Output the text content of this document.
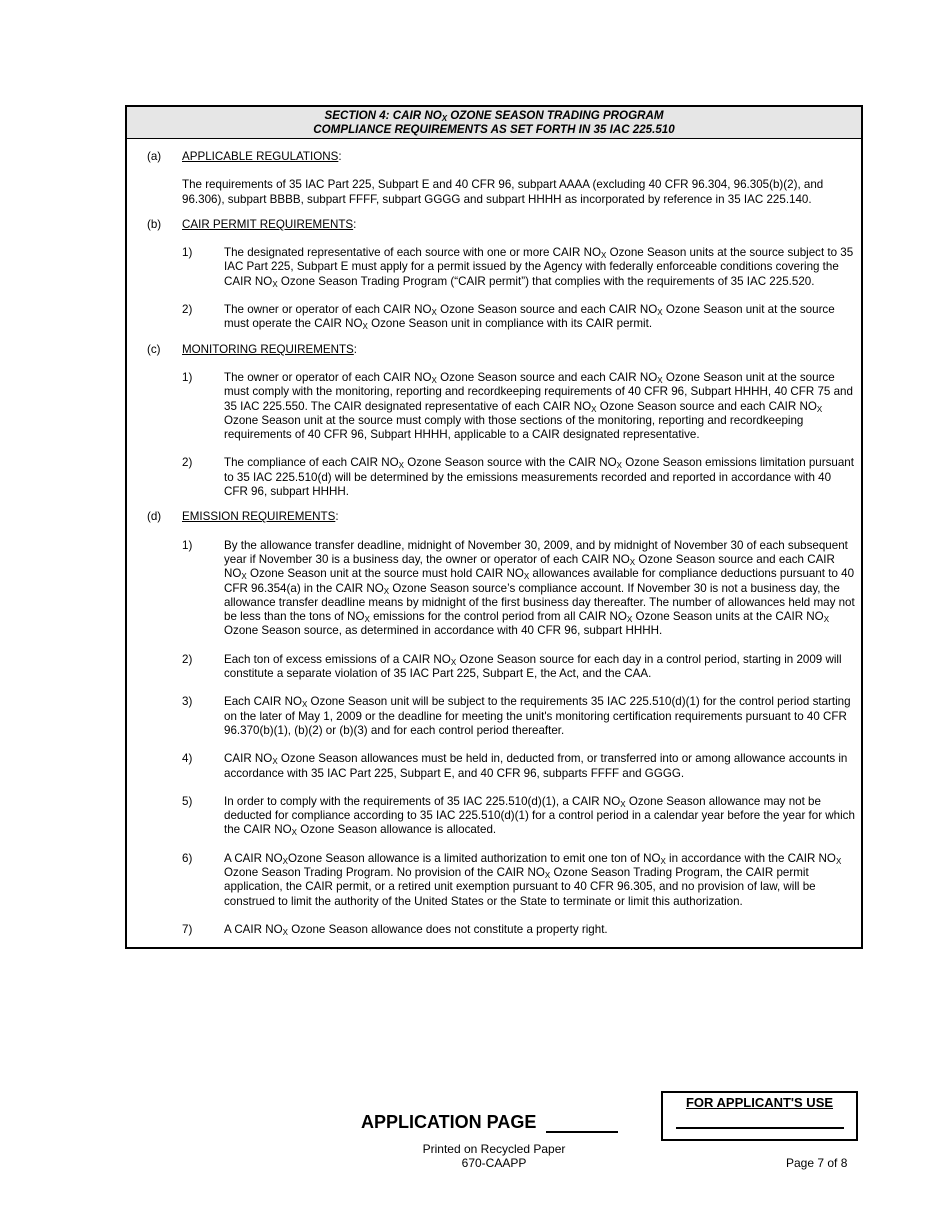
SECTION 4: CAIR $NO_X$ OZONE SEASON TRADING PROGRAM
COMPLIANCE REQUIREMENTS AS SET FORTH IN 35 IAC 225.510
(a) APPLICABLE REGULATIONS:
The requirements of 35 IAC Part 225, Subpart E and 40 CFR 96, subpart AAAA (excluding 40 CFR 96.304, 96.305(b)(2), and 96.306), subpart BBBB, subpart FFFF, subpart GGGG and subpart HHHH as incorporated by reference in 35 IAC 225.140.
(b) CAIR PERMIT REQUIREMENTS:
1)	The designated representative of each source with one or more CAIR $NO_X$ Ozone Season units at the source subject to 35 IAC Part 225, Subpart E must apply for a permit issued by the Agency with federally enforceable conditions covering the CAIR $NO_X$ Ozone Season Trading Program (“CAIR permit”) that complies with the requirements of 35 IAC 225.520.
2)	The owner or operator of each CAIR $NO_X$ Ozone Season source and each CAIR $NO_X$ Ozone Season unit at the source must operate the CAIR $NO_X$ Ozone Season unit in compliance with its CAIR permit.
(c) MONITORING REQUIREMENTS:
1)	The owner or operator of each CAIR $NO_X$ Ozone Season source and each CAIR $NO_X$ Ozone Season unit at the source must comply with the monitoring, reporting and recordkeeping requirements of 40 CFR 96, Subpart HHHH, 40 CFR 75 and 35 IAC 225.550. The CAIR designated representative of each CAIR $NO_X$ Ozone Season source and each CAIR $NO_X$ Ozone Season unit at the source must comply with those sections of the monitoring, reporting and recordkeeping requirements of 40 CFR 96, Subpart HHHH, applicable to a CAIR designated representative.
2)	The compliance of each CAIR $NO_X$ Ozone Season source with the CAIR $NO_X$ Ozone Season emissions limitation pursuant to 35 IAC 225.510(d) will be determined by the emissions measurements recorded and reported in accordance with 40 CFR 96, subpart HHHH.
(d) EMISSION REQUIREMENTS:
1)	By the allowance transfer deadline, midnight of November 30, 2009, and by midnight of November 30 of each subsequent year if November 30 is a business day, the owner or operator of each CAIR $NO_X$ Ozone Season source and each CAIR $NO_X$ Ozone Season unit at the source must hold CAIR $NO_X$ allowances available for compliance deductions pursuant to 40 CFR 96.354(a) in the CAIR $NO_X$ Ozone Season source’s compliance account. If November 30 is not a business day, the allowance transfer deadline means by midnight of the first business day thereafter. The number of allowances held may not be less than the tons of $NO_X$ emissions for the control period from all CAIR $NO_X$ Ozone Season units at the CAIR $NO_X$ Ozone Season source, as determined in accordance with 40 CFR 96, subpart HHHH.
2)	Each ton of excess emissions of a CAIR $NO_X$ Ozone Season source for each day in a control period, starting in 2009 will constitute a separate violation of 35 IAC Part 225, Subpart E, the Act, and the CAA.
3)	Each CAIR $NO_X$ Ozone Season unit will be subject to the requirements 35 IAC 225.510(d)(1) for the control period starting on the later of May 1, 2009 or the deadline for meeting the unit's monitoring certification requirements pursuant to 40 CFR 96.370(b)(1), (b)(2) or (b)(3) and for each control period thereafter.
4)	CAIR $NO_X$ Ozone Season allowances must be held in, deducted from, or transferred into or among allowance accounts in accordance with 35 IAC Part 225, Subpart E, and 40 CFR 96, subparts FFFF and GGGG.
5)	In order to comply with the requirements of 35 IAC 225.510(d)(1), a CAIR $NO_X$ Ozone Season allowance may not be deducted for compliance according to 35 IAC 225.510(d)(1) for a control period in a calendar year before the year for which the CAIR $NO_X$ Ozone Season allowance is allocated.
6)	A CAIR $NO_XOzone$ Season allowance is a limited authorization to emit one ton of $NO_X$ in accordance with the CAIR $NO_X$ Ozone Season Trading Program. No provision of the CAIR $NO_X$ Ozone Season Trading Program, the CAIR permit application, the CAIR permit, or a retired unit exemption pursuant to 40 CFR 96.305, and no provision of law, will be construed to limit the authority of the United States or the State to terminate or limit this authorization.
7)	A CAIR $NO_X$ Ozone Season allowance does not constitute a property right.
APPLICATION PAGE
Printed on Recycled Paper
670-CAAPP
FOR APPLICANT'S USE
Page 7 of 8
